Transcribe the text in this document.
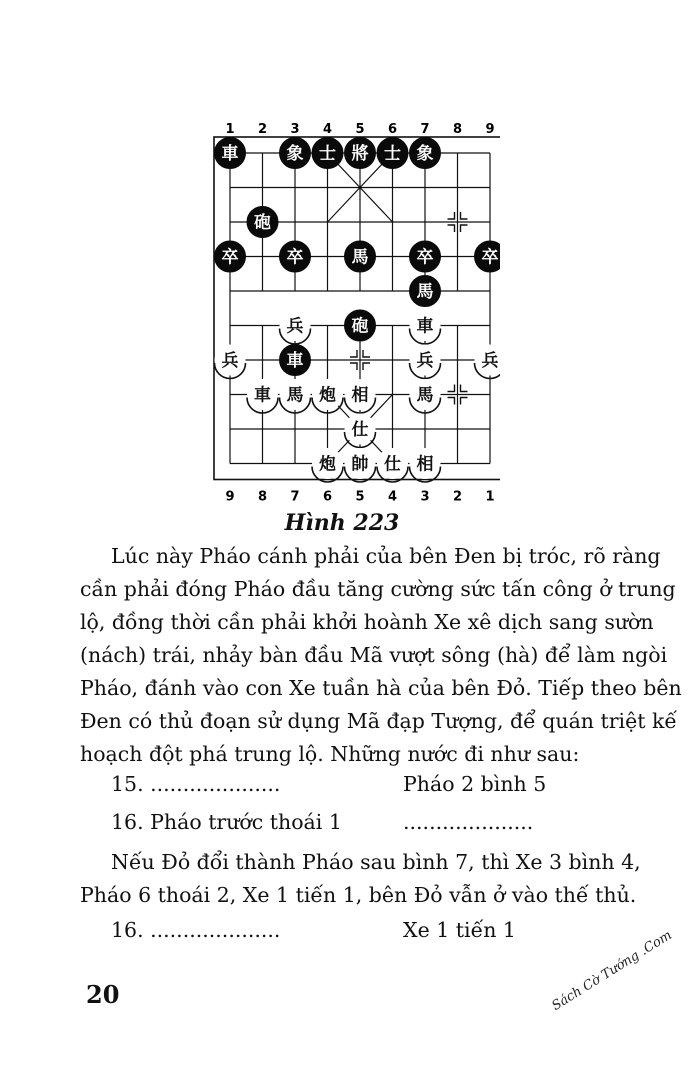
1 2 3 4 5 6 7 8 9
9 8 7 6 5 4 3 2 1
車	象 士 將 士 象
砲
卒	卒	馬	卒	卒
馬
砲
車
兵	車
兵	兵	兵
車 馬 炮 相	馬
仕
炮 帥 仕 相
Hình 223
Lúc này Pháo cánh phải của bên Đen bị tróc, rõ ràng
cần phải đóng Pháo đầu tăng cường sức tấn công ở trung
lộ, đồng thời cần phải khởi hoành Xe xê dịch sang sườn
(nách) trái, nhảy bàn đầu Mã vượt sông (hà) để làm ngòi
Pháo, đánh vào con Xe tuần hà của bên Đỏ. Tiếp theo bên
Đen có thủ đoạn sử dụng Mã đạp Tượng, để quán triệt kế
hoạch đột phá trung lộ. Những nước đi như sau:
15. ....................	Pháo 2 bình 5
16. Pháo trước thoái 1	....................
Nếu Đỏ đổi thành Pháo sau bình 7, thì Xe 3 bình 4,
Pháo 6 thoái 2, Xe 1 tiến 1, bên Đỏ vẫn ở vào thế thủ.
16. ....................	Xe 1 tiến 1
20	Sách Cờ Tướng .Com
